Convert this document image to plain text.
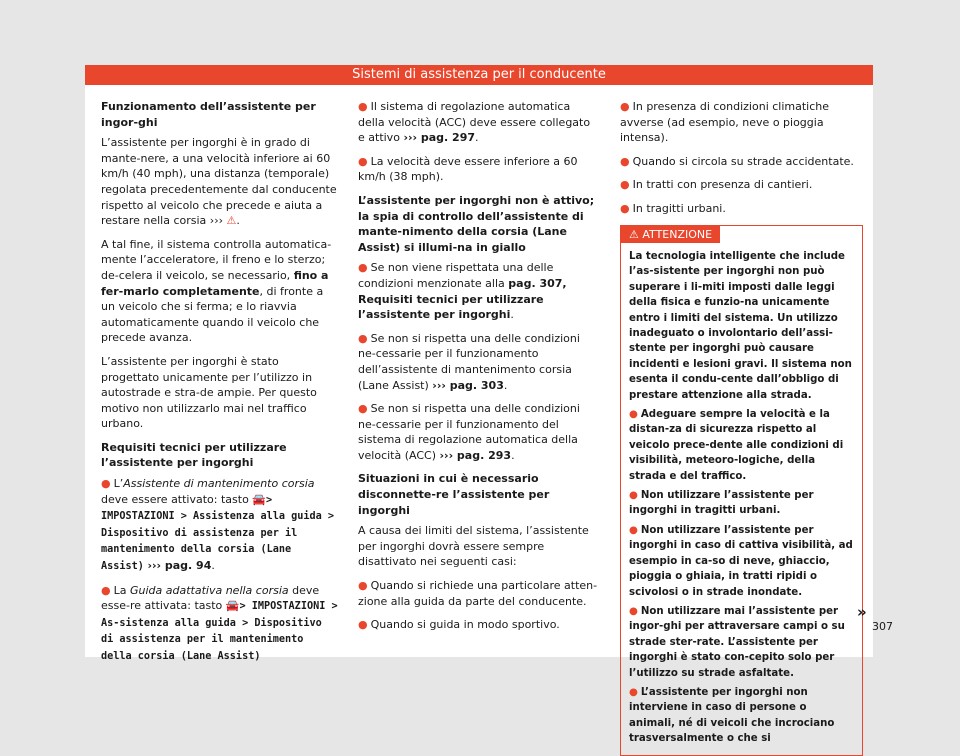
Sistemi di assistenza per il conducente

Funzionamento dell’assistente per ingor-ghi

L’assistente per ingorghi è in grado di mante-nere, a una velocità inferiore ai 60 km/h (40 mph), una distanza (temporale) regolata precedentemente dal conducente rispetto al veicolo che precede e aiuta a restare nella corsia ››› ⚠.

A tal fine, il sistema controlla automatica-mente l’acceleratore, il freno e lo sterzo; de-celera il veicolo, se necessario, fino a fer-marlo completamente, di fronte a un veicolo che si ferma; e lo riavvia automaticamente quando il veicolo che precede avanza.

L’assistente per ingorghi è stato progettato unicamente per l’utilizzo in autostrade e stra-de ampie. Per questo motivo non utilizzarlo mai nel traffico urbano.

Requisiti tecnici per utilizzare l’assistente per ingorghi

● L’Assistente di mantenimento corsia deve essere attivato: tasto 🚘> IMPOSTAZIONI > Assistenza alla guida > Dispositivo di assistenza per il mantenimento della corsia (Lane Assist) ››› pag. 94.

● La Guida adattativa nella corsia deve esse-re attivata: tasto 🚘> IMPOSTAZIONI > As-sistenza alla guida > Dispositivo di assistenza per il mantenimento della corsia (Lane Assist)

● Il sistema di regolazione automatica della velocità (ACC) deve essere collegato e attivo ››› pag. 297.

● La velocità deve essere inferiore a 60 km/h (38 mph).

L’assistente per ingorghi non è attivo; la spia di controllo dell’assistente di mante-nimento della corsia (Lane Assist) si illumi-na in giallo

● Se non viene rispettata una delle condizioni menzionate alla pag. 307, Requisiti tecnici per utilizzare l’assistente per ingorghi.

● Se non si rispetta una delle condizioni ne-cessarie per il funzionamento dell’assistente di mantenimento corsia (Lane Assist) ››› pag. 303.

● Se non si rispetta una delle condizioni ne-cessarie per il funzionamento del sistema di regolazione automatica della velocità (ACC) ››› pag. 293.

Situazioni in cui è necessario disconnette-re l’assistente per ingorghi

A causa dei limiti del sistema, l’assistente per ingorghi dovrà essere sempre disattivato nei seguenti casi:

● Quando si richiede una particolare atten-zione alla guida da parte del conducente.

● Quando si guida in modo sportivo.

● In presenza di condizioni climatiche avverse (ad esempio, neve o pioggia intensa).

● Quando si circola su strade accidentate.

● In tratti con presenza di cantieri.

● In tragitti urbani.

⚠ ATTENZIONE

La tecnologia intelligente che include l’as-sistente per ingorghi non può superare i li-miti imposti dalle leggi della fisica e funzio-na unicamente entro i limiti del sistema. Un utilizzo inadeguato o involontario dell’assi-stente per ingorghi può causare incidenti e lesioni gravi. Il sistema non esenta il condu-cente dall’obbligo di prestare attenzione alla strada.

● Adeguare sempre la velocità e la distan-za di sicurezza rispetto al veicolo prece-dente alle condizioni di visibilità, meteoro-logiche, della strada e del traffico.

● Non utilizzare l’assistente per ingorghi in tragitti urbani.

● Non utilizzare l’assistente per ingorghi in caso di cattiva visibilità, ad esempio in ca-so di neve, ghiaccio, pioggia o ghiaia, in tratti ripidi o scivolosi o in strade inondate.

● Non utilizzare mai l’assistente per ingor-ghi per attraversare campi o su strade ster-rate. L’assistente per ingorghi è stato con-cepito solo per l’utilizzo su strade asfaltate.

● L’assistente per ingorghi non interviene in caso di persone o animali, né di veicoli che incrociano trasversalmente o che si

»
307
